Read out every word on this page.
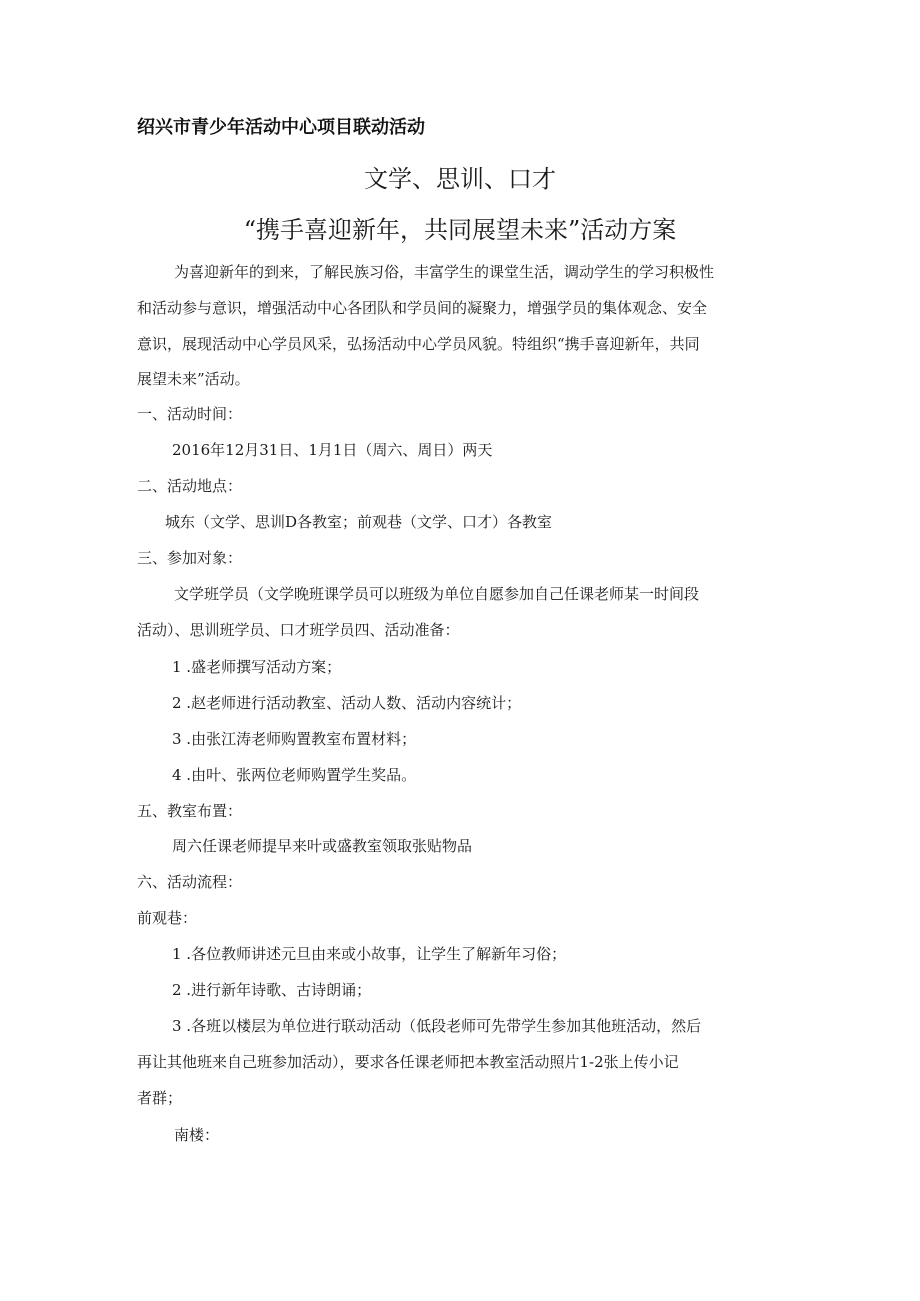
绍兴市青少年活动中心项目联动活动
文学、思训、口才
“携手喜迎新年，共同展望未来”活动方案
为喜迎新年的到来，了解民族习俗，丰富学生的课堂生活，调动学生的学习积极性
和活动参与意识，增强活动中心各团队和学员间的凝聚力，增强学员的集体观念、安全
意识，展现活动中心学员风采，弘扬活动中心学员风貌。特组织“携手喜迎新年，共同
展望未来”活动。
一、活动时间：
2016年12月31日、1月1日（周六、周日）两天
二、活动地点：
城东（文学、思训D各教室；前观巷（文学、口才）各教室
三、参加对象：
文学班学员（文学晚班课学员可以班级为单位自愿参加自己任课老师某一时间段
活动）、思训班学员、口才班学员四、活动准备：
1 .盛老师撰写活动方案；
2 .赵老师进行活动教室、活动人数、活动内容统计；
3 .由张江涛老师购置教室布置材料；
4 .由叶、张两位老师购置学生奖品。
五、教室布置：
周六任课老师提早来叶或盛教室领取张贴物品
六、活动流程：
前观巷：
1 .各位教师讲述元旦由来或小故事，让学生了解新年习俗；
2 .进行新年诗歌、古诗朗诵；
3 .各班以楼层为单位进行联动活动（低段老师可先带学生参加其他班活动，然后
再让其他班来自己班参加活动），要求各任课老师把本教室活动照片1-2张上传小记
者群；
南楼：
